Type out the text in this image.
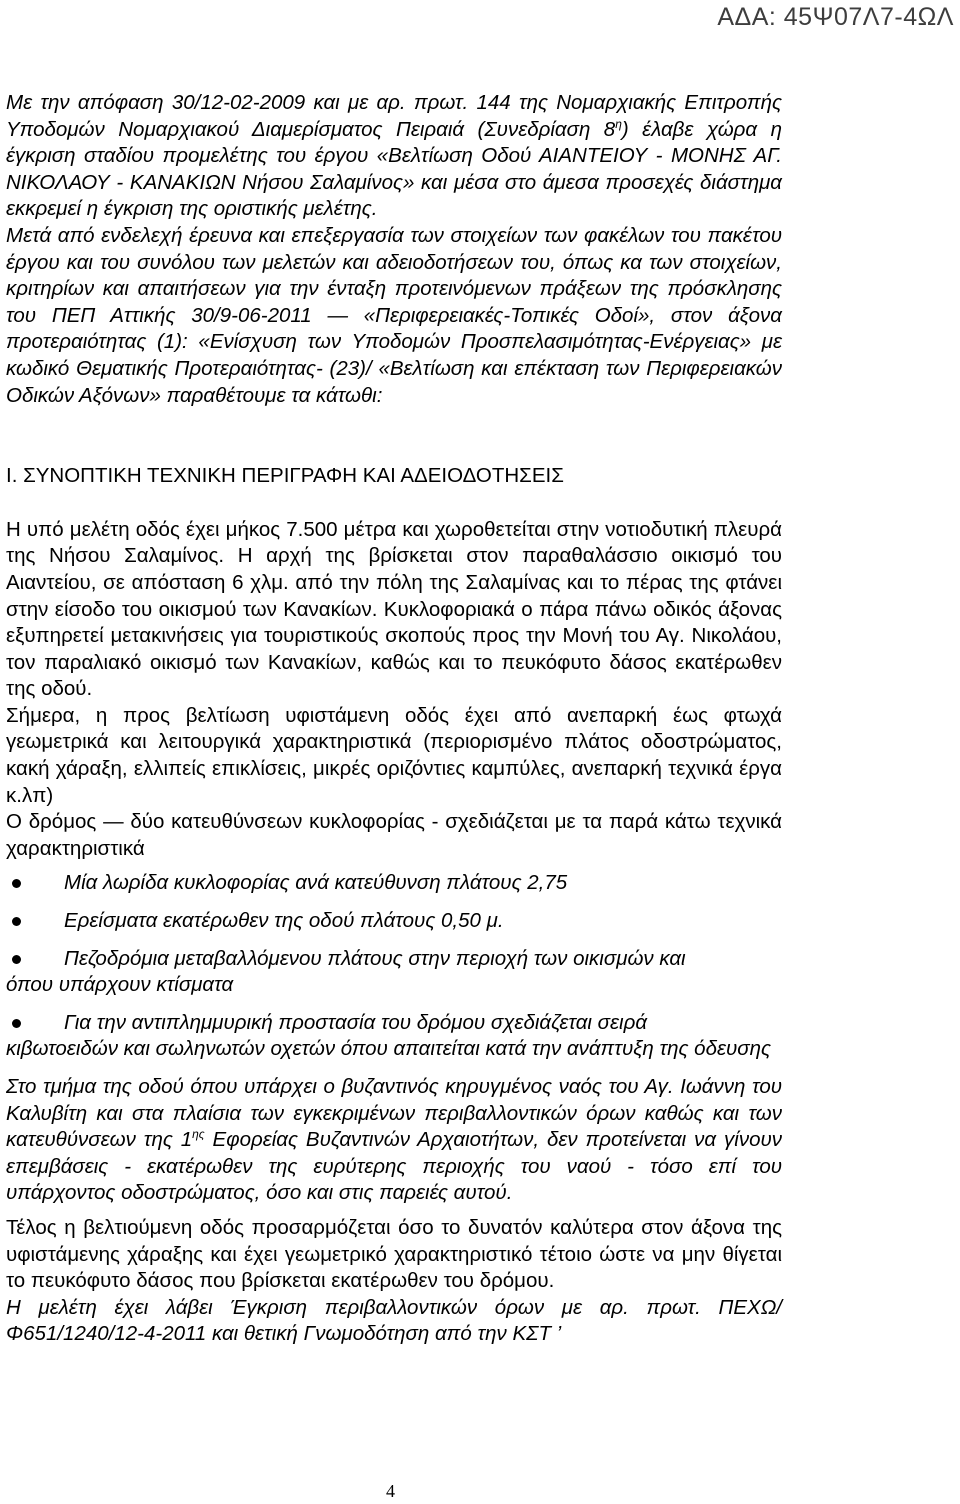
ΑΔΑ: 45Ψ07Λ7-4ΩΛ

Με την απόφαση 30/12-02-2009 και με αρ. πρωτ. 144 της Νομαρχιακής Επιτροπής Υποδομών Νομαρχιακού Διαμερίσματος Πειραιά (Συνεδρίαση $8^\eta$) έλαβε χώρα η έγκριση σταδίου προμελέτης του έργου «Βελτίωση Οδού ΑΙΑΝΤΕΙΟΥ - ΜΟΝΗΣ ΑΓ. ΝΙΚΟΛΑΟΥ - ΚΑΝΑΚΙΩΝ Νήσου Σαλαμίνος» και μέσα στο άμεσα προσεχές διάστημα εκκρεμεί η έγκριση της οριστικής μελέτης.

Μετά από ενδελεχή έρευνα και επεξεργασία των στοιχείων των φακέλων του πακέτου έργου και του συνόλου των μελετών και αδειοδοτήσεων του, όπως κα των στοιχείων, κριτηρίων και απαιτήσεων για την ένταξη προτεινόμενων πράξεων της πρόσκλησης του ΠΕΠ Αττικής 30/9-06-2011 — «Περιφερειακές-Τοπικές Οδοί», στον άξονα προτεραιότητας (1): «Ενίσχυση των Υποδομών Προσπελασιμότητας-Ενέργειας» με κωδικό Θεματικής Προτεραιότητας- (23)/ «Βελτίωση και επέκταση των Περιφερειακών Οδικών Αξόνων» παραθέτουμε τα κάτωθι:

Ι. ΣΥΝΟΠΤΙΚΗ ΤΕΧΝΙΚΗ ΠΕΡΙΓΡΑΦΗ ΚΑΙ ΑΔΕΙΟΔΟΤΗΣΕΙΣ

Η υπό μελέτη οδός έχει μήκος 7.500 μέτρα και χωροθετείται στην νοτιοδυτική πλευρά της Νήσου Σαλαμίνος. Η αρχή της βρίσκεται στον παραθαλάσσιο οικισμό του Αιαντείου, σε απόσταση 6 χλμ. από την πόλη της Σαλαμίνας και το πέρας της φτάνει στην είσοδο του οικισμού των Κανακίων. Κυκλοφοριακά ο πάρα πάνω οδικός άξονας εξυπηρετεί μετακινήσεις για τουριστικούς σκοπούς προς την Μονή του Αγ. Νικολάου, τον παραλιακό οικισμό των Κανακίων, καθώς και το πευκόφυτο δάσος εκατέρωθεν της οδού.

Σήμερα, η προς βελτίωση υφιστάμενη οδός έχει από ανεπαρκή έως φτωχά γεωμετρικά και λειτουργικά χαρακτηριστικά (περιορισμένο πλάτος οδοστρώματος, κακή χάραξη, ελλιπείς επικλίσεις, μικρές οριζόντιες καμπύλες, ανεπαρκή τεχνικά έργα κ.λπ)

Ο δρόμος — δύο κατευθύνσεων κυκλοφορίας - σχεδιάζεται με τα παρά κάτω τεχνικά χαρακτηριστικά

Μία λωρίδα κυκλοφορίας ανά κατεύθυνση πλάτους 2,75
Ερείσματα εκατέρωθεν της οδού πλάτους 0,50 μ.
Πεζοδρόμια μεταβαλλόμενου πλάτους στην περιοχή των οικισμών και
όπου υπάρχουν κτίσματα
Για την αντιπλημμυρική προστασία του δρόμου σχεδιάζεται σειρά
κιβωτοειδών και σωληνωτών οχετών όπου απαιτείται κατά την ανάπτυξη της όδευσης

Στο τμήμα της οδού όπου υπάρχει ο βυζαντινός κηρυγμένος ναός του Αγ. Ιωάννη του Καλυβίτη και στα πλαίσια των εγκεκριμένων περιβαλλοντικών όρων καθώς και των κατευθύνσεων της $1^{\eta\varsigma}$ Εφορείας Βυζαντινών Αρχαιοτήτων, δεν προτείνεται να γίνουν επεμβάσεις - εκατέρωθεν της ευρύτερης περιοχής του ναού - τόσο επί του υπάρχοντος οδοστρώματος, όσο και στις παρειές αυτού.

Τέλος η βελτιούμενη οδός προσαρμόζεται όσο το δυνατόν καλύτερα στον άξονα της υφιστάμενης χάραξης και έχει γεωμετρικό χαρακτηριστικό τέτοιο ώστε να μην θίγεται το πευκόφυτο δάσος που βρίσκεται εκατέρωθεν του δρόμου.

Η μελέτη έχει λάβει Έγκριση περιβαλλοντικών όρων με αρ. πρωτ. ΠΕΧΩ/Φ651/1240/12-4-2011 και θετική Γνωμοδότηση από την ΚΣΤ ’

4
